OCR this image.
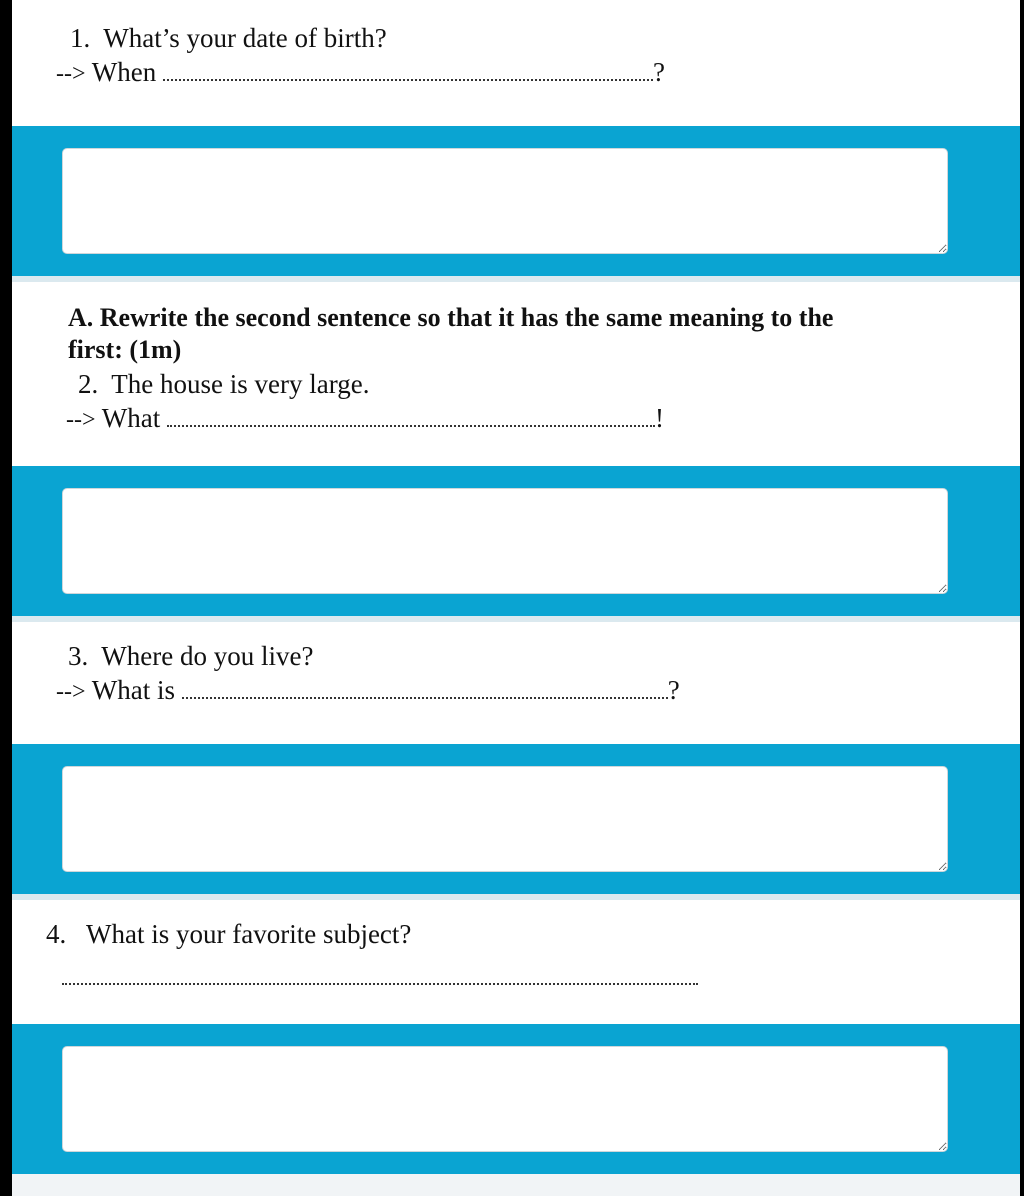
1. What’s your date of birth?
--> When	?
A. Rewrite the second sentence so that it has the same meaning to the
first: (1m)
2. The house is very large.
--> What	!
3. Where do you live?
--> What is	?
4. What is your favorite subject?
